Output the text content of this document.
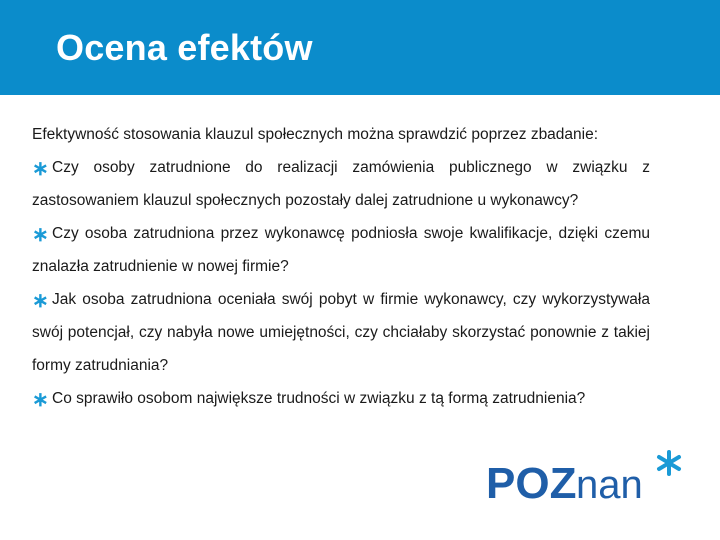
Ocena efektów

Efektywność stosowania klauzul społecznych można sprawdzić poprzez zbadanie:

∗ Czy osoby zatrudnione do realizacji zamówienia publicznego w związku z zastosowaniem klauzul społecznych pozostały dalej zatrudnione u wykonawcy?

∗ Czy osoba zatrudniona przez wykonawcę podniosła swoje kwalifikacje, dzięki czemu znalazła zatrudnienie w nowej firmie?

∗ Jak osoba zatrudniona oceniała swój pobyt w firmie wykonawcy, czy wykorzystywała swój potencjał, czy nabyła nowe umiejętności, czy chciałaby skorzystać ponownie z takiej formy zatrudniania?

∗ Co sprawiło osobom największe trudności w związku z tą formą zatrudnienia?

POZ nan
